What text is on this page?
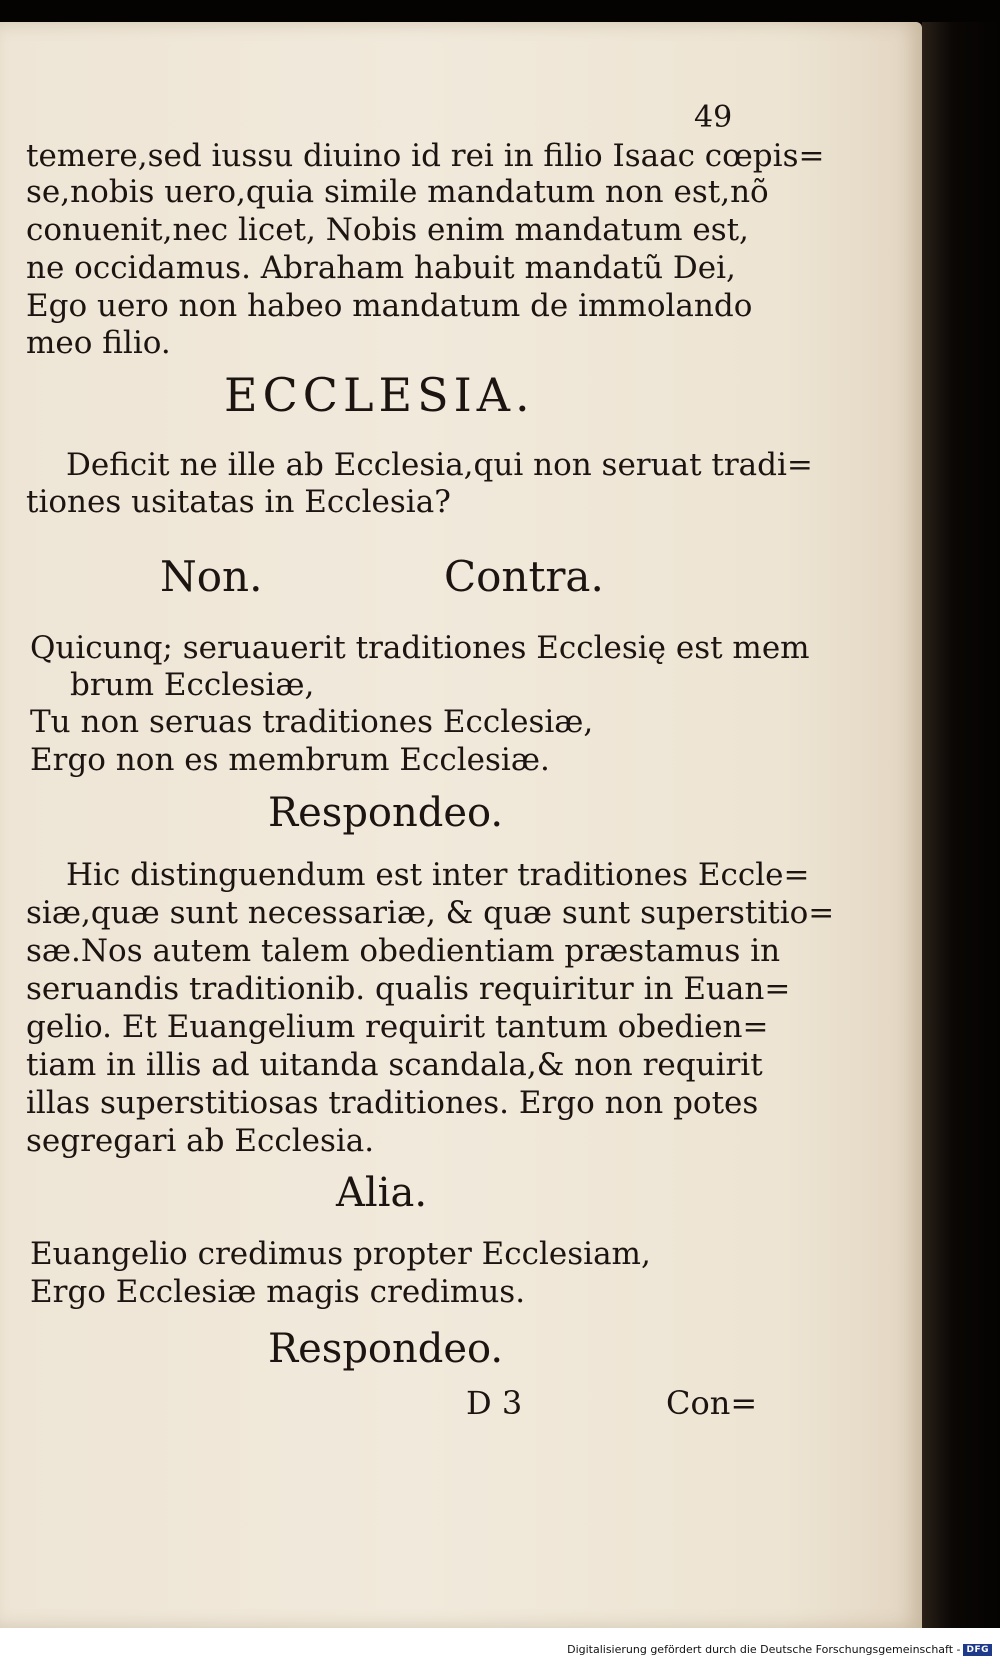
49
temere,sed iussu diuino id rei in filio Isaac cœpis=
se,nobis uero,quia simile mandatum non est,nõ
conuenit,nec licet, Nobis enim mandatum est,
ne occidamus. Abraham habuit mandatũ Dei,
Ego uero non habeo mandatum de immolando
meo filio.
ECCLESIA.
Deficit ne ille ab Ecclesia,qui non seruat tradi=
tiones usitatas in Ecclesia?
Non.	Contra.
Quicunq; seruauerit traditiones Ecclesię est mem
brum Ecclesiæ,
Tu non seruas traditiones Ecclesiæ,
Ergo non es membrum Ecclesiæ.
Respondeo.
Hic distinguendum est inter traditiones Eccle=
siæ,quæ sunt necessariæ, & quæ sunt superstitio=
sæ.Nos autem talem obedientiam præstamus in
seruandis traditionib. qualis requiritur in Euan=
gelio. Et Euangelium requirit tantum obedien=
tiam in illis ad uitanda scandala,& non requirit
illas superstitiosas traditiones. Ergo non potes
segregari ab Ecclesia.
Alia.
Euangelio credimus propter Ecclesiam,
Ergo Ecclesiæ magis credimus.
Respondeo.
D 3	Con=
Digitalisierung gefördert durch die Deutsche Forschungsgemeinschaft - DFG
